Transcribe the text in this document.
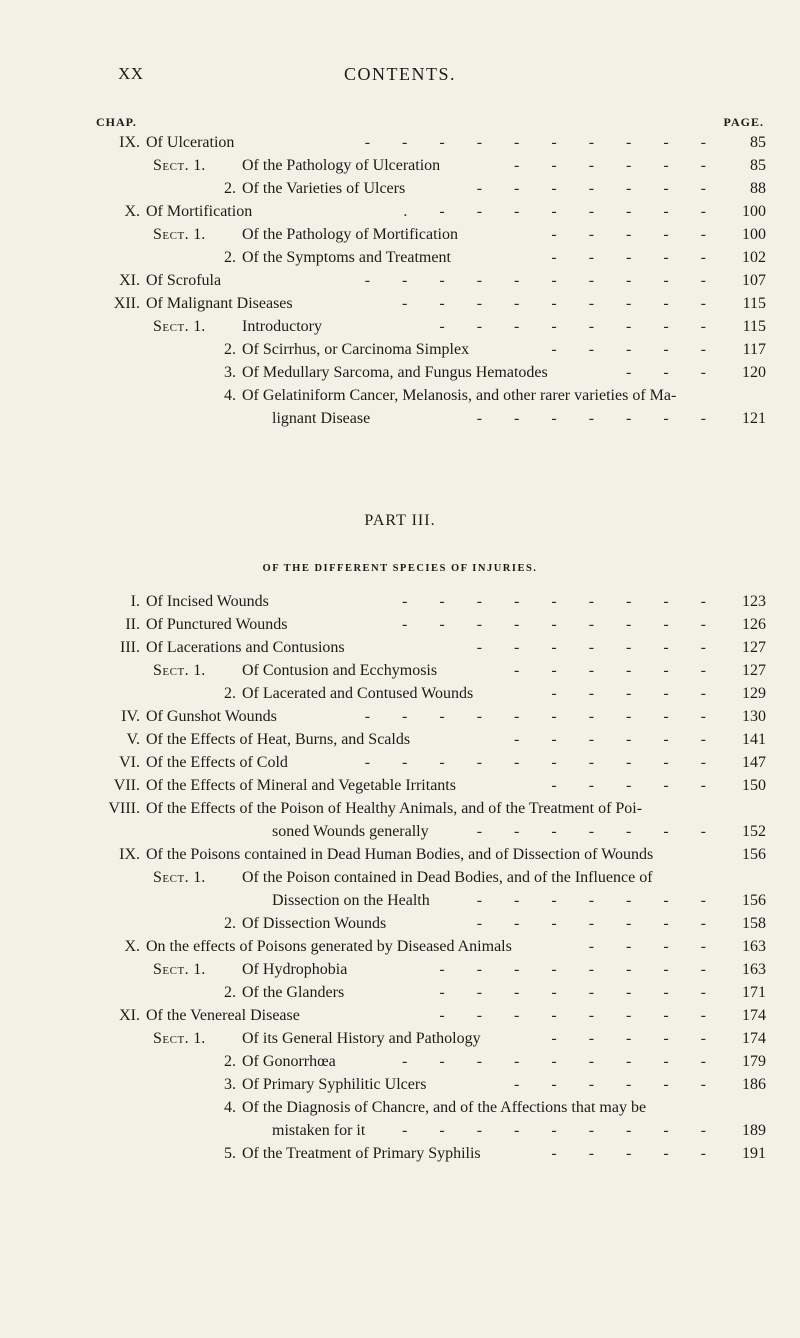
XX	CONTENTS.
CHAP.	PAGE.
IX. Of Ulceration	- - - - - - - - - -	85
Sect. 1. Of the Pathology of Ulceration	- - - - - -	85
2. Of the Varieties of Ulcers	- - - - - - -	88
X. Of Mortification	. - - - - - - - -	100
Sect. 1. Of the Pathology of Mortification	- - - - -	100
2. Of the Symptoms and Treatment	- - - - -	102
XI. Of Scrofula	- - - - - - - - - -	107
XII. Of Malignant Diseases	- - - - - - - - -	115
Sect. 1. Introductory	- - - - - - - -	115
2. Of Scirrhus, or Carcinoma Simplex	- - - - -	117
3. Of Medullary Sarcoma, and Fungus Hematodes	- - -	120
4. Of Gelatiniform Cancer, Melanosis, and other rarer varieties of Ma-
lignant Disease	- - - - - - -	121
PART III.
OF THE DIFFERENT SPECIES OF INJURIES.
I. Of Incised Wounds	- - - - - - - - -	123
II. Of Punctured Wounds	- - - - - - - - -	126
III. Of Lacerations and Contusions	- - - - - - -	127
Sect. 1. Of Contusion and Ecchymosis	- - - - - -	127
2. Of Lacerated and Contused Wounds	- - - - -	129
IV. Of Gunshot Wounds	- - - - - - - - - -	130
V. Of the Effects of Heat, Burns, and Scalds	- - - - - -	141
VI. Of the Effects of Cold	- - - - - - - - - -	147
VII. Of the Effects of Mineral and Vegetable Irritants	- - - - -	150
VIII. Of the Effects of the Poison of Healthy Animals, and of the Treatment of Poi-
soned Wounds generally	- - - - - - -	152
IX. Of the Poisons contained in Dead Human Bodies, and of Dissection of Wounds	156
Sect. 1. Of the Poison contained in Dead Bodies, and of the Influence of
Dissection on the Health	- - - - - - -	156
2. Of Dissection Wounds	- - - - - - -	158
X. On the effects of Poisons generated by Diseased Animals	- - - -	163
Sect. 1. Of Hydrophobia	- - - - - - - -	163
2. Of the Glanders	- - - - - - - -	171
XI. Of the Venereal Disease	- - - - - - - -	174
Sect. 1. Of its General History and Pathology	- - - - -	174
2. Of Gonorrhœa	- - - - - - - - -	179
3. Of Primary Syphilitic Ulcers	- - - - - -	186
4. Of the Diagnosis of Chancre, and of the Affections that may be
mistaken for it - - - - - - - - -	189
5. Of the Treatment of Primary Syphilis	- - - - -	191
